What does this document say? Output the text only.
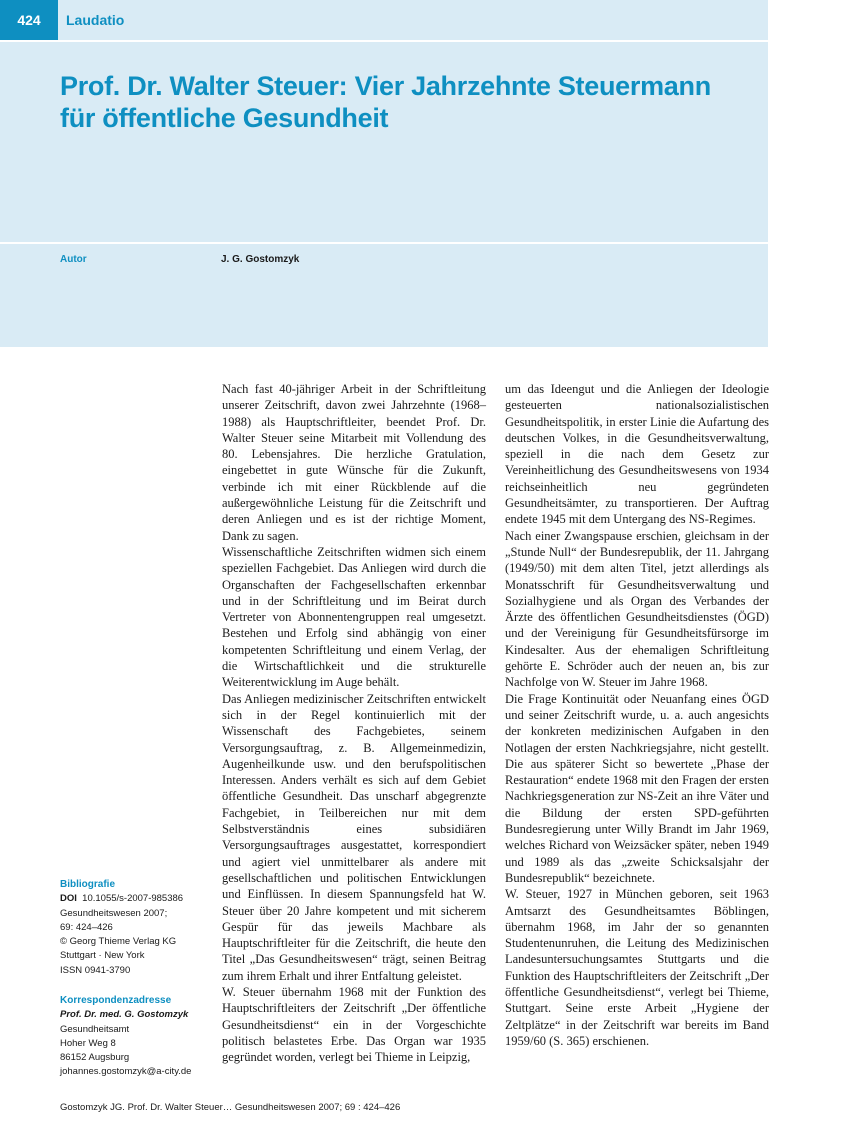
424	Laudatio
Prof. Dr. Walter Steuer: Vier Jahrzehnte Steuermann
für öffentliche Gesundheit
Autor	J. G. Gostomzyk

Nach fast 40-jähriger Arbeit in der Schriftleitung unserer Zeitschrift, davon zwei Jahrzehnte (1968–1988) als Hauptschriftleiter, beendet Prof. Dr. Walter Steuer seine Mitarbeit mit Vollendung des 80. Lebensjahres. Die herzliche Gratulation, eingebettet in gute Wünsche für die Zukunft, verbinde ich mit einer Rückblende auf die außergewöhnliche Leistung für die Zeitschrift und deren Anliegen und es ist der richtige Moment, Dank zu sagen.

Wissenschaftliche Zeitschriften widmen sich einem speziellen Fachgebiet. Das Anliegen wird durch die Organschaften der Fachgesellschaften erkennbar und in der Schriftleitung und im Beirat durch Vertreter von Abonnentengruppen real umgesetzt. Bestehen und Erfolg sind abhängig von einer kompetenten Schriftleitung und einem Verlag, der die Wirtschaftlichkeit und die strukturelle Weiterentwicklung im Auge behält.

Das Anliegen medizinischer Zeitschriften entwickelt sich in der Regel kontinuierlich mit der Wissenschaft des Fachgebietes, seinem Versorgungsauftrag, z. B. Allgemeinmedizin, Augenheilkunde usw. und den berufspolitischen Interessen. Anders verhält es sich auf dem Gebiet öffentliche Gesundheit. Das unscharf abgegrenzte Fachgebiet, in Teilbereichen nur mit dem Selbstverständnis eines subsidiären Versorgungsauftrages ausgestattet, korrespondiert und agiert viel unmittelbarer als andere mit gesellschaftlichen und politischen Entwicklungen und Einflüssen. In diesem Spannungsfeld hat W. Steuer über 20 Jahre kompetent und mit sicherem Gespür für das jeweils Machbare als Hauptschriftleiter für die Zeitschrift, die heute den Titel „Das Gesundheitswesen“ trägt, seinen Beitrag zum ihrem Erhalt und ihrer Entfaltung geleistet.

W. Steuer übernahm 1968 mit der Funktion des Hauptschriftleiters der Zeitschrift „Der öffentliche Gesundheitsdienst“ ein in der Vorgeschichte politisch belastetes Erbe. Das Organ war 1935 gegründet worden, verlegt bei Thieme in Leipzig,

um das Ideengut und die Anliegen der Ideologie gesteuerten nationalsozialistischen Gesundheitspolitik, in erster Linie die Aufartung des deutschen Volkes, in die Gesundheitsverwaltung, speziell in die nach dem Gesetz zur Vereinheitlichung des Gesundheitswesens von 1934 reichseinheitlich neu gegründeten Gesundheitsämter, zu transportieren. Der Auftrag endete 1945 mit dem Untergang des NS-Regimes.

Nach einer Zwangspause erschien, gleichsam in der „Stunde Null“ der Bundesrepublik, der 11. Jahrgang (1949/50) mit dem alten Titel, jetzt allerdings als Monatsschrift für Gesundheitsverwaltung und Sozialhygiene und als Organ des Verbandes der Ärzte des öffentlichen Gesundheitsdienstes (ÖGD) und der Vereinigung für Gesundheitsfürsorge im Kindesalter. Aus der ehemaligen Schriftleitung gehörte E. Schröder auch der neuen an, bis zur Nachfolge von W. Steuer im Jahre 1968.

Die Frage Kontinuität oder Neuanfang eines ÖGD und seiner Zeitschrift wurde, u. a. auch angesichts der konkreten medizinischen Aufgaben in den Notlagen der ersten Nachkriegsjahre, nicht gestellt. Die aus späterer Sicht so bewertete „Phase der Restauration“ endete 1968 mit den Fragen der ersten Nachkriegsgeneration zur NS-Zeit an ihre Väter und die Bildung der ersten SPD-geführten Bundesregierung unter Willy Brandt im Jahr 1969, welches Richard von Weizsäcker später, neben 1949 und 1989 als das „zweite Schicksalsjahr der Bundesrepublik“ bezeichnete.

W. Steuer, 1927 in München geboren, seit 1963 Amtsarzt des Gesundheitsamtes Böblingen, übernahm 1968, im Jahr der so genannten Studentenunruhen, die Leitung des Medizinischen Landesuntersuchungsamtes Stuttgarts und die Funktion des Hauptschriftleiters der Zeitschrift „Der öffentliche Gesundheitsdienst“, verlegt bei Thieme, Stuttgart. Seine erste Arbeit „Hygiene der Zeltplätze“ in der Zeitschrift war bereits im Band 1959/60 (S. 365) erschienen.

Bibliografie
DOI 10.1055/s-2007-985386
Gesundheitswesen 2007;
69: 424–426
© Georg Thieme Verlag KG
Stuttgart · New York
ISSN 0941-3790
Korrespondenzadresse
Prof. Dr. med. G. Gostomzyk
Gesundheitsamt
Hoher Weg 8
86152 Augsburg
johannes.gostomzyk@a-city.de
Gostomzyk JG. Prof. Dr. Walter Steuer… Gesundheitswesen 2007; 69 : 424–426
